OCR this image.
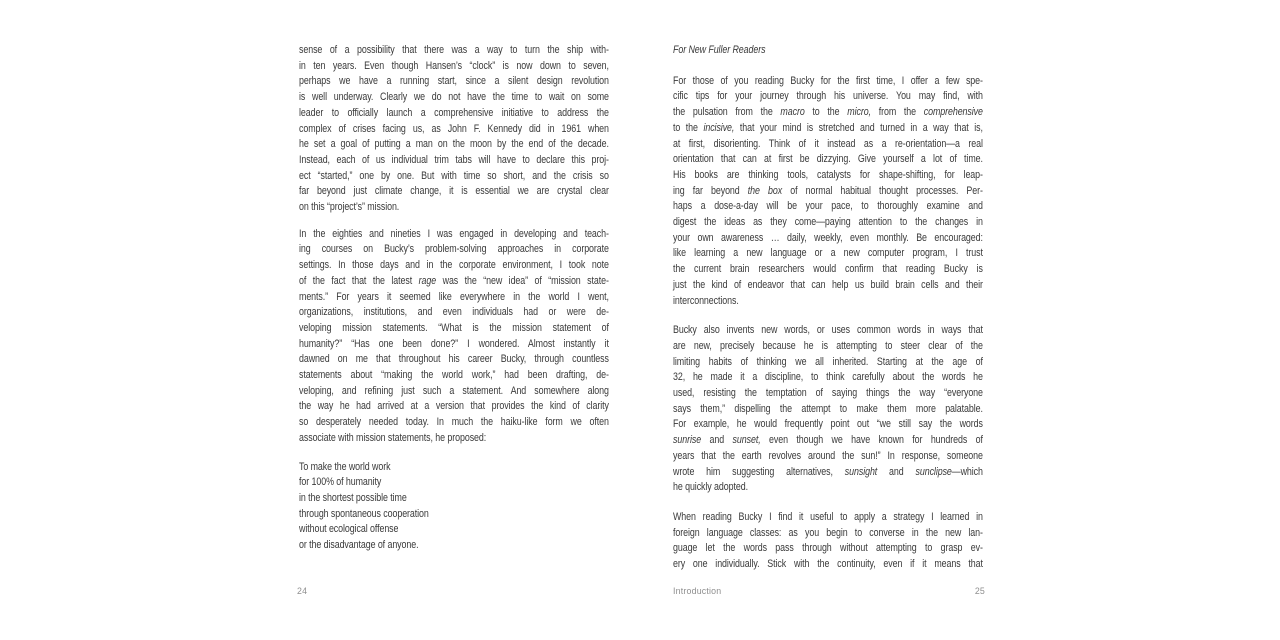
sense of a possibility that there was a way to turn the ship with-
in ten years. Even though Hansen’s “clock” is now down to seven,
perhaps we have a running start, since a silent design revolution
is well underway. Clearly we do not have the time to wait on some
leader to officially launch a comprehensive initiative to address the
complex of crises facing us, as John F. Kennedy did in 1961 when
he set a goal of putting a man on the moon by the end of the decade.
Instead, each of us individual trim tabs will have to declare this proj-
ect “started,” one by one. But with time so short, and the crisis so
far beyond just climate change, it is essential we are crystal clear
on this “project’s” mission.
In the eighties and nineties I was engaged in developing and teach-
ing courses on Bucky’s problem-solving approaches in corporate
settings. In those days and in the corporate environment, I took note
of the fact that the latest rage was the “new idea” of “mission state-
ments.” For years it seemed like everywhere in the world I went,
organizations, institutions, and even individuals had or were de-
veloping mission statements. “What is the mission statement of
humanity?” “Has one been done?” I wondered. Almost instantly it
dawned on me that throughout his career Bucky, through countless
statements about “making the world work,” had been drafting, de-
veloping, and refining just such a statement. And somewhere along
the way he had arrived at a version that provides the kind of clarity
so desperately needed today. In much the haiku-like form we often
associate with mission statements, he proposed:
To make the world work
for 100% of humanity
in the shortest possible time
through spontaneous cooperation
without ecological offense
or the disadvantage of anyone.
For New Fuller Readers
For those of you reading Bucky for the first time, I offer a few spe-
cific tips for your journey through his universe. You may find, with
the pulsation from the macro to the micro, from the comprehensive
to the incisive, that your mind is stretched and turned in a way that is,
at first, disorienting. Think of it instead as a re-orientation—a real
orientation that can at first be dizzying. Give yourself a lot of time.
His books are thinking tools, catalysts for shape-shifting, for leap-
ing far beyond the box of normal habitual thought processes. Per-
haps a dose-a-day will be your pace, to thoroughly examine and
digest the ideas as they come—paying attention to the changes in
your own awareness … daily, weekly, even monthly. Be encouraged:
like learning a new language or a new computer program, I trust
the current brain researchers would confirm that reading Bucky is
just the kind of endeavor that can help us build brain cells and their
interconnections.
Bucky also invents new words, or uses common words in ways that
are new, precisely because he is attempting to steer clear of the
limiting habits of thinking we all inherited. Starting at the age of
32, he made it a discipline, to think carefully about the words he
used, resisting the temptation of saying things the way “everyone
says them,” dispelling the attempt to make them more palatable.
For example, he would frequently point out “we still say the words
sunrise and sunset, even though we have known for hundreds of
years that the earth revolves around the sun!” In response, someone
wrote him suggesting alternatives, sunsight and sunclipse—which
he quickly adopted.
When reading Bucky I find it useful to apply a strategy I learned in
foreign language classes: as you begin to converse in the new lan-
guage let the words pass through without attempting to grasp ev-
ery one individually. Stick with the continuity, even if it means that
24	Introduction	25
